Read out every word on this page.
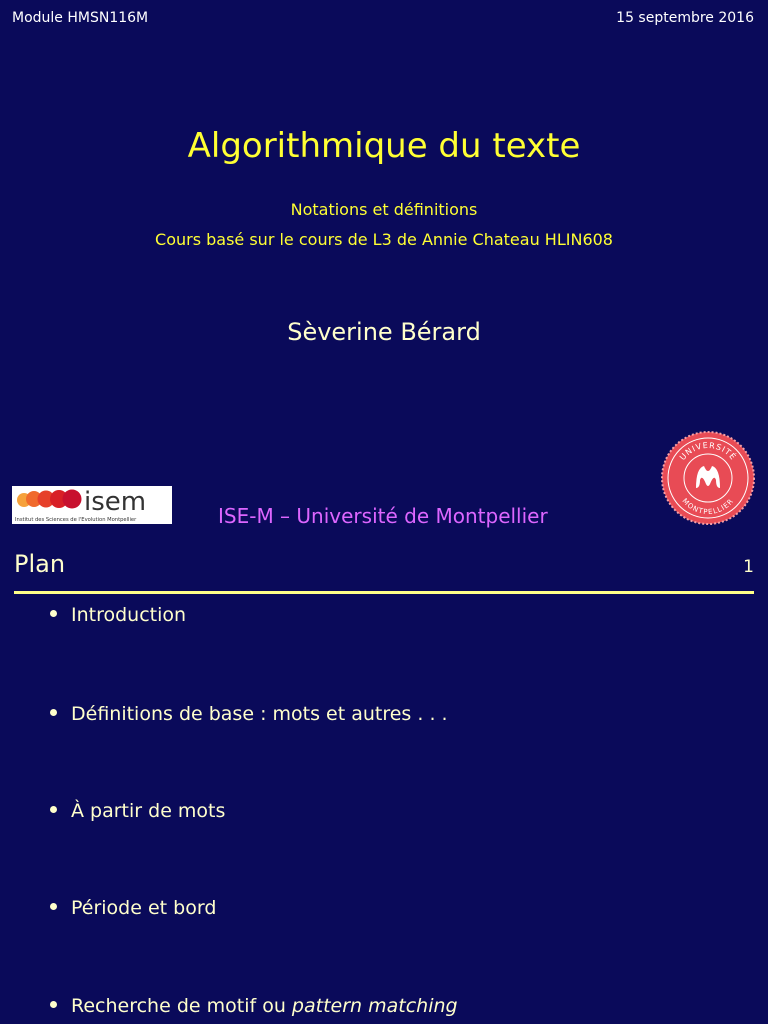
Module HMSN116M	15 septembre 2016
Algorithmique du texte
Notations et définitions
Cours basé sur le cours de L3 de Annie Chateau HLIN608
Sèverine Bérard
isem
Institut des Sciences de l'Evolution Montpellier	ISE-M – Université de Montpellier
UNIVERSITÉ
MONTPELLIER
Plan	1
Introduction
Définitions de base : mots et autres . . .
À partir de mots
Période et bord
Recherche de motif ou pattern matching
